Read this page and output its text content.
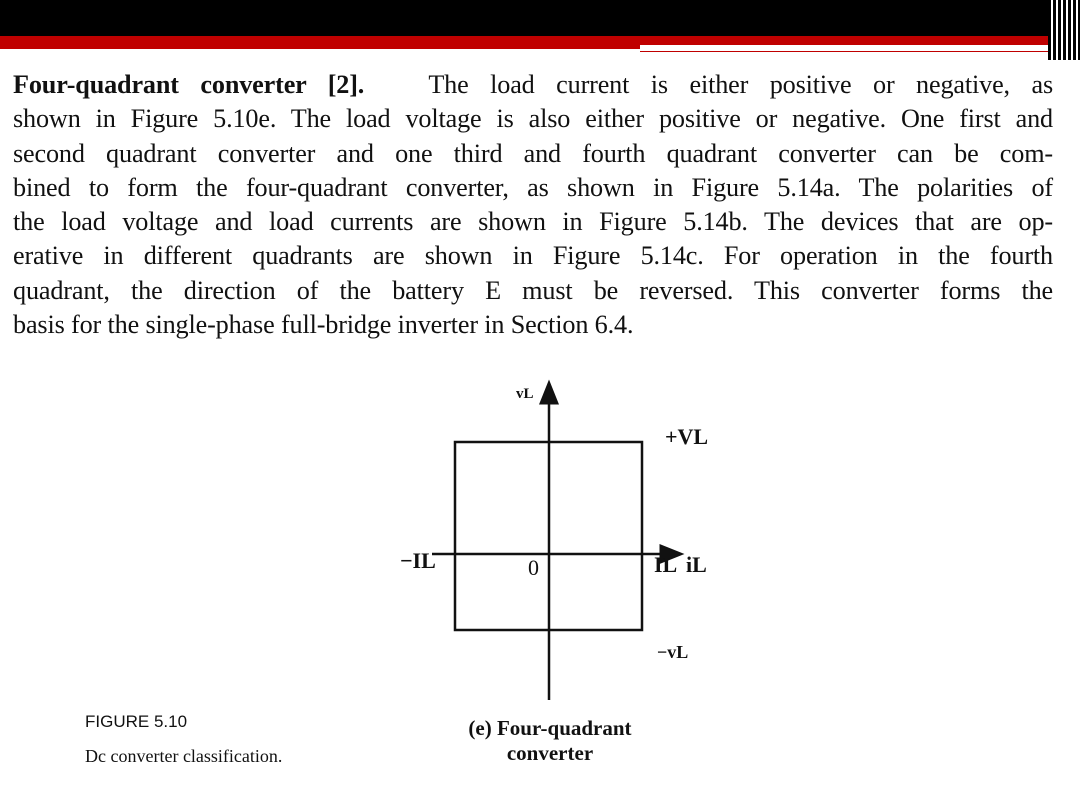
Four-quadrant converter [2]. The load current is either positive or negative, as
shown in Figure 5.10e. The load voltage is also either positive or negative. One first and
second quadrant converter and one third and fourth quadrant converter can be com-
bined to form the four-quadrant converter, as shown in Figure 5.14a. The polarities of
the load voltage and load currents are shown in Figure 5.14b. The devices that are op-
erative in different quadrants are shown in Figure 5.14c. For operation in the fourth
quadrant, the direction of the battery E must be reversed. This converter forms the
basis for the single-phase full-bridge inverter in Section 6.4.
vL
+VL
−IL	0	IL iL
−vL
FIGURE 5.10
Dc converter classification.
(e) Four-quadrant
converter
